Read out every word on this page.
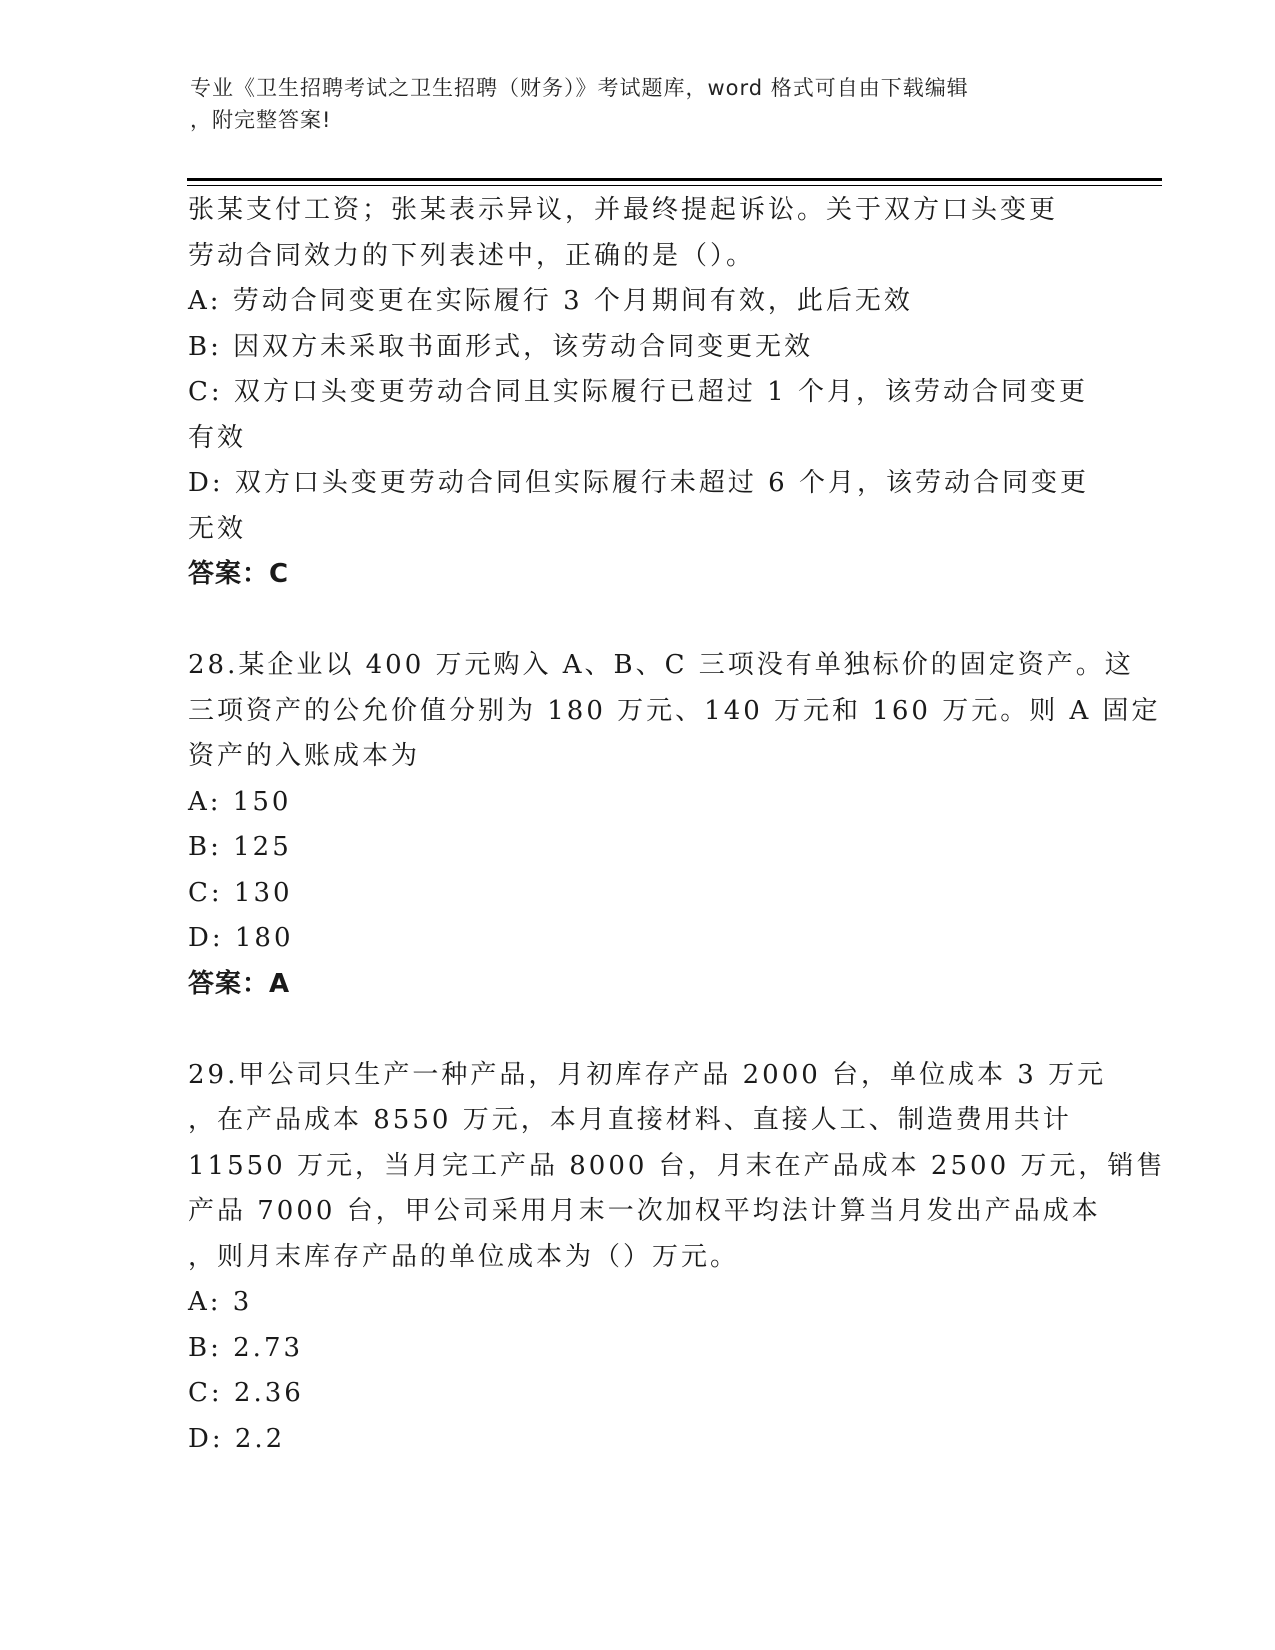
专业《卫生招聘考试之卫生招聘（财务）》考试题库，word 格式可自由下载编辑
，附完整答案!
张某支付工资；张某表示异议，并最终提起诉讼。关于双方口头变更
劳动合同效力的下列表述中，正确的是（）。
A: 劳动合同变更在实际履行 3 个月期间有效，此后无效
B: 因双方未采取书面形式，该劳动合同变更无效
C: 双方口头变更劳动合同且实际履行已超过 1 个月，该劳动合同变更
有效
D: 双方口头变更劳动合同但实际履行未超过 6 个月，该劳动合同变更
无效
答案：C
28.某企业以 400 万元购入 A、B、C 三项没有单独标价的固定资产。这
三项资产的公允价值分别为 180 万元、140 万元和 160 万元。则 A 固定
资产的入账成本为
A: 150
B: 125
C: 130
D: 180
答案：A
29.甲公司只生产一种产品，月初库存产品 2000 台，单位成本 3 万元
，在产品成本 8550 万元，本月直接材料、直接人工、制造费用共计
11550 万元，当月完工产品 8000 台，月末在产品成本 2500 万元，销售
产品 7000 台，甲公司采用月末一次加权平均法计算当月发出产品成本
，则月末库存产品的单位成本为（）万元。
A: 3
B: 2.73
C: 2.36
D: 2.2
